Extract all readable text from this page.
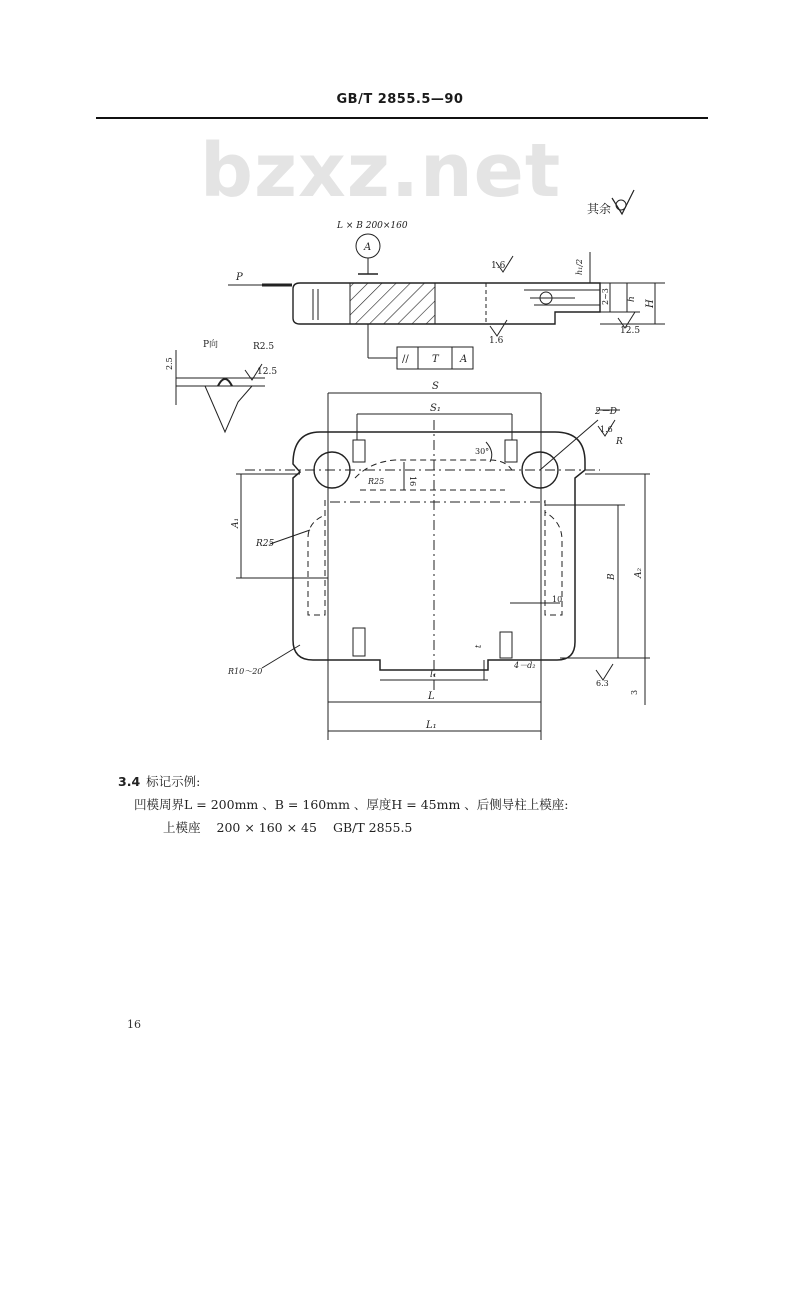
GB/T 2855.5—90
bzxz.net 其余
L × B 200×160
A
P
1.6
1.6
12.5
h₁/2
2~3 h
H
// T A
P向	R2.5
12.5
2.5
S
S₁	2－D
1.6
R
30°
R25	16
A₁
R25
B A₂
10
R10～20
t
4－d₂
l₁
L
L₁
6.3
3
3.4 标记示例:
凹模周界L = 200mm 、B = 160mm 、厚度H = 45mm 、后侧导柱上模座:
上模座 200 × 160 × 45 GB/T 2855.5
16
